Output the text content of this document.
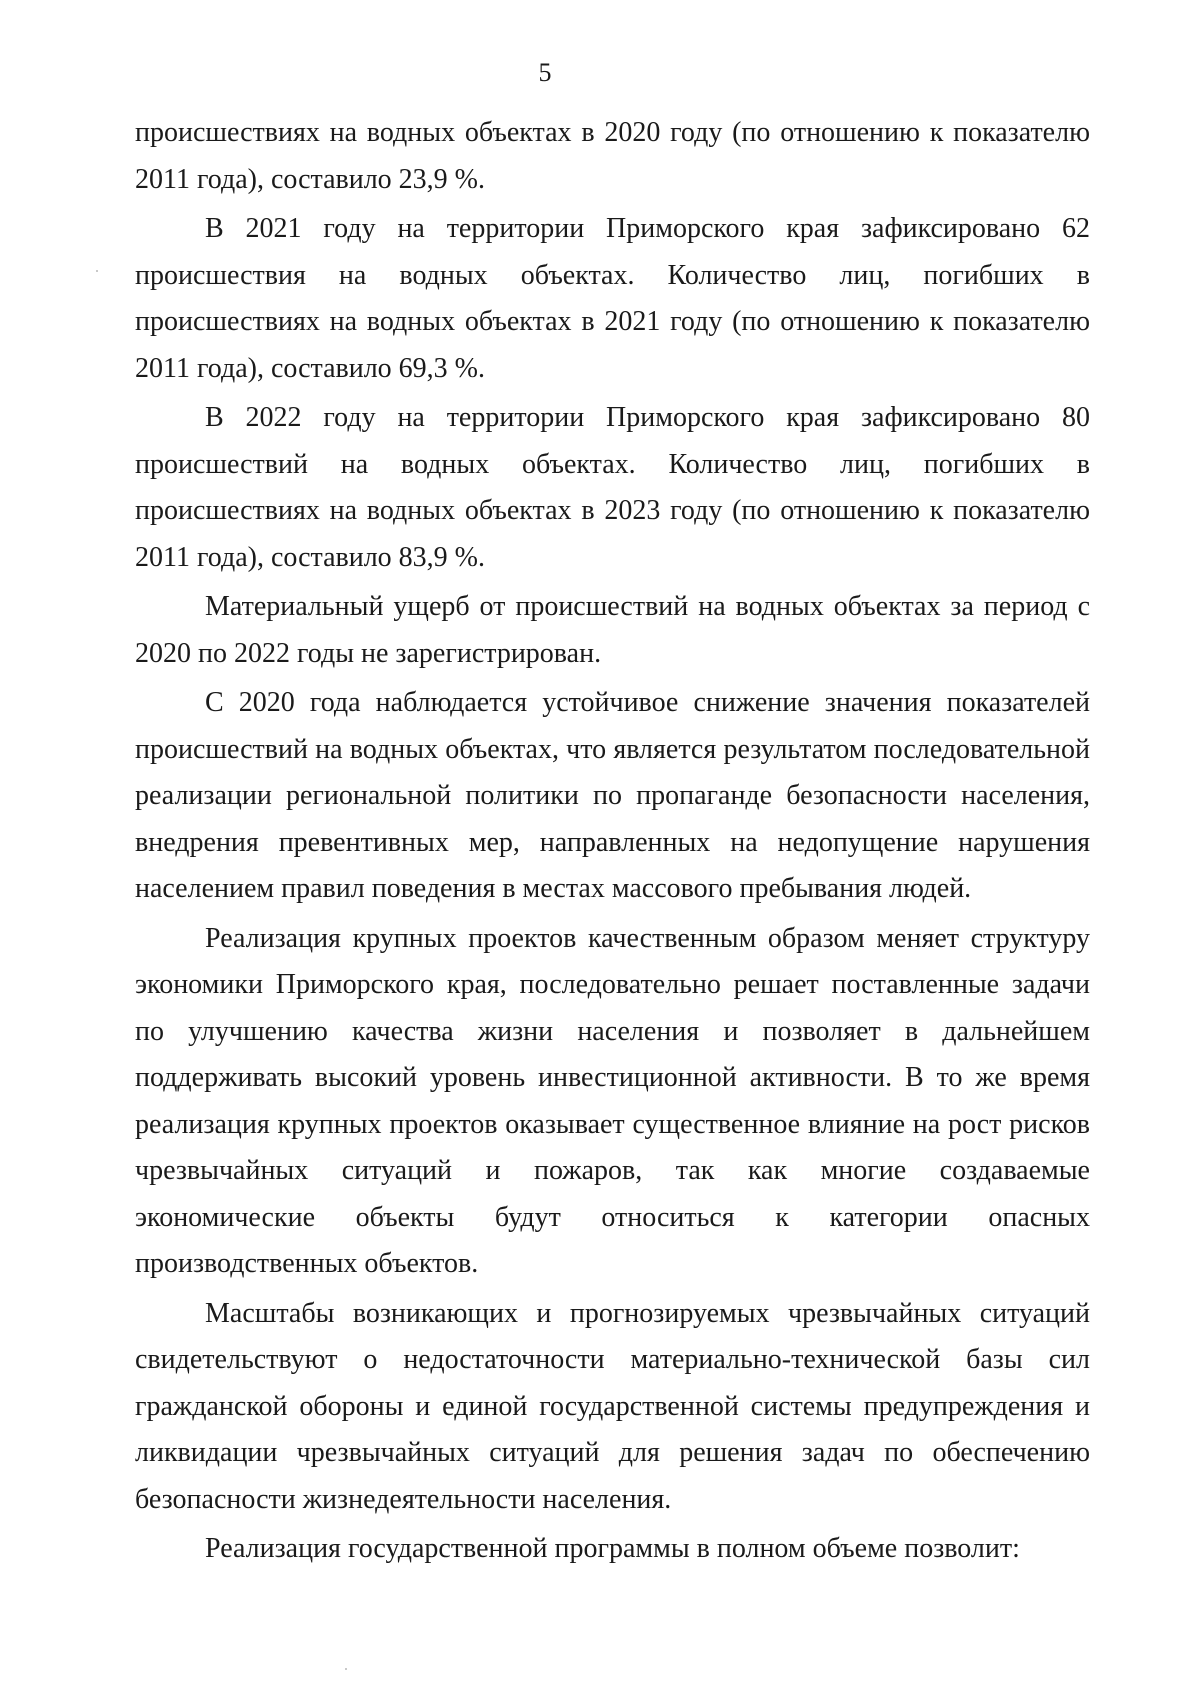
5

происшествиях на водных объектах в 2020 году (по отношению к показателю 2011 года), составило 23,9 %.

В 2021 году на территории Приморского края зафиксировано 62 происшествия на водных объектах. Количество лиц, погибших в происшествиях на водных объектах в 2021 году (по отношению к показателю 2011 года), составило 69,3 %.

В 2022 году на территории Приморского края зафиксировано 80 происшествий на водных объектах. Количество лиц, погибших в происшествиях на водных объектах в 2023 году (по отношению к показателю 2011 года), составило 83,9 %.

Материальный ущерб от происшествий на водных объектах за период с 2020 по 2022 годы не зарегистрирован.

С 2020 года наблюдается устойчивое снижение значения показателей происшествий на водных объектах, что является результатом последовательной реализации региональной политики по пропаганде безопасности населения, внедрения превентивных мер, направленных на недопущение нарушения населением правил поведения в местах массового пребывания людей.

Реализация крупных проектов качественным образом меняет структуру экономики Приморского края, последовательно решает поставленные задачи по улучшению качества жизни населения и позволяет в дальнейшем поддерживать высокий уровень инвестиционной активности. В то же время реализация крупных проектов оказывает существенное влияние на рост рисков чрезвычайных ситуаций и пожаров, так как многие создаваемые экономические объекты будут относиться к категории опасных производственных объектов.

Масштабы возникающих и прогнозируемых чрезвычайных ситуаций свидетельствуют о недостаточности материально-технической базы сил гражданской обороны и единой государственной системы предупреждения и ликвидации чрезвычайных ситуаций для решения задач по обеспечению безопасности жизнедеятельности населения.

Реализация государственной программы в полном объеме позволит:
